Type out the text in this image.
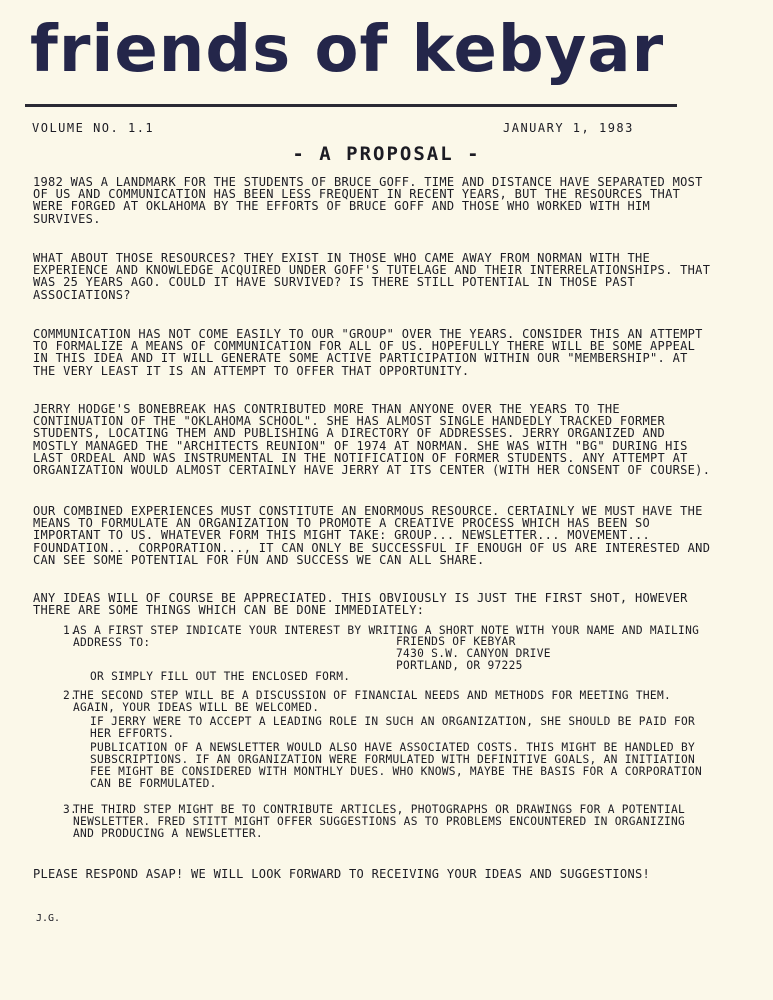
friends of kebyar
VOLUME NO. 1.1	JANUARY 1, 1983
- A PROPOSAL -

1982 WAS A LANDMARK FOR THE STUDENTS OF BRUCE GOFF. TIME AND DISTANCE HAVE SEPARATED MOST OF US AND COMMUNICATION HAS BEEN LESS FREQUENT IN RECENT YEARS, BUT THE RESOURCES THAT WERE FORGED AT OKLAHOMA BY THE EFFORTS OF BRUCE GOFF AND THOSE WHO WORKED WITH HIM SURVIVES.

WHAT ABOUT THOSE RESOURCES? THEY EXIST IN THOSE WHO CAME AWAY FROM NORMAN WITH THE EXPERIENCE AND KNOWLEDGE ACQUIRED UNDER GOFF'S TUTELAGE AND THEIR INTERRELATIONSHIPS. THAT WAS 25 YEARS AGO. COULD IT HAVE SURVIVED? IS THERE STILL POTENTIAL IN THOSE PAST ASSOCIATIONS?

COMMUNICATION HAS NOT COME EASILY TO OUR "GROUP" OVER THE YEARS. CONSIDER THIS AN ATTEMPT TO FORMALIZE A MEANS OF COMMUNICATION FOR ALL OF US. HOPEFULLY THERE WILL BE SOME APPEAL IN THIS IDEA AND IT WILL GENERATE SOME ACTIVE PARTICIPATION WITHIN OUR "MEMBERSHIP". AT THE VERY LEAST IT IS AN ATTEMPT TO OFFER THAT OPPORTUNITY.

JERRY HODGE'S BONEBREAK HAS CONTRIBUTED MORE THAN ANYONE OVER THE YEARS TO THE CONTINUATION OF THE "OKLAHOMA SCHOOL". SHE HAS ALMOST SINGLE HANDEDLY TRACKED FORMER STUDENTS, LOCATING THEM AND PUBLISHING A DIRECTORY OF ADDRESSES. JERRY ORGANIZED AND MOSTLY MANAGED THE "ARCHITECTS REUNION" OF 1974 AT NORMAN. SHE WAS WITH "BG" DURING HIS LAST ORDEAL AND WAS INSTRUMENTAL IN THE NOTIFICATION OF FORMER STUDENTS. ANY ATTEMPT AT ORGANIZATION WOULD ALMOST CERTAINLY HAVE JERRY AT ITS CENTER (WITH HER CONSENT OF COURSE).

OUR COMBINED EXPERIENCES MUST CONSTITUTE AN ENORMOUS RESOURCE. CERTAINLY WE MUST HAVE THE MEANS TO FORMULATE AN ORGANIZATION TO PROMOTE A CREATIVE PROCESS WHICH HAS BEEN SO IMPORTANT TO US. WHATEVER FORM THIS MIGHT TAKE: GROUP... NEWSLETTER... MOVEMENT... FOUNDATION... CORPORATION..., IT CAN ONLY BE SUCCESSFUL IF ENOUGH OF US ARE INTERESTED AND CAN SEE SOME POTENTIAL FOR FUN AND SUCCESS WE CAN ALL SHARE.

ANY IDEAS WILL OF COURSE BE APPRECIATED. THIS OBVIOUSLY IS JUST THE FIRST SHOT, HOWEVER THERE ARE SOME THINGS WHICH CAN BE DONE IMMEDIATELY:

1.
AS A FIRST STEP INDICATE YOUR INTEREST BY WRITING A SHORT NOTE WITH YOUR NAME AND MAILING ADDRESS TO:	FRIENDS OF KEBYAR
7430 S.W. CANYON DRIVE
PORTLAND, OR 97225
OR SIMPLY FILL OUT THE ENCLOSED FORM.
2.
THE SECOND STEP WILL BE A DISCUSSION OF FINANCIAL NEEDS AND METHODS FOR MEETING THEM. AGAIN, YOUR IDEAS WILL BE WELCOMED.
IF JERRY WERE TO ACCEPT A LEADING ROLE IN SUCH AN ORGANIZATION, SHE SHOULD BE PAID FOR HER EFFORTS.
PUBLICATION OF A NEWSLETTER WOULD ALSO HAVE ASSOCIATED COSTS. THIS MIGHT BE HANDLED BY SUBSCRIPTIONS. IF AN ORGANIZATION WERE FORMULATED WITH DEFINITIVE GOALS, AN INITIATION FEE MIGHT BE CONSIDERED WITH MONTHLY DUES. WHO KNOWS, MAYBE THE BASIS FOR A CORPORATION CAN BE FORMULATED.
3.
THE THIRD STEP MIGHT BE TO CONTRIBUTE ARTICLES, PHOTOGRAPHS OR DRAWINGS FOR A POTENTIAL NEWSLETTER. FRED STITT MIGHT OFFER SUGGESTIONS AS TO PROBLEMS ENCOUNTERED IN ORGANIZING AND PRODUCING A NEWSLETTER.

PLEASE RESPOND ASAP! WE WILL LOOK FORWARD TO RECEIVING YOUR IDEAS AND SUGGESTIONS!

J.G.
